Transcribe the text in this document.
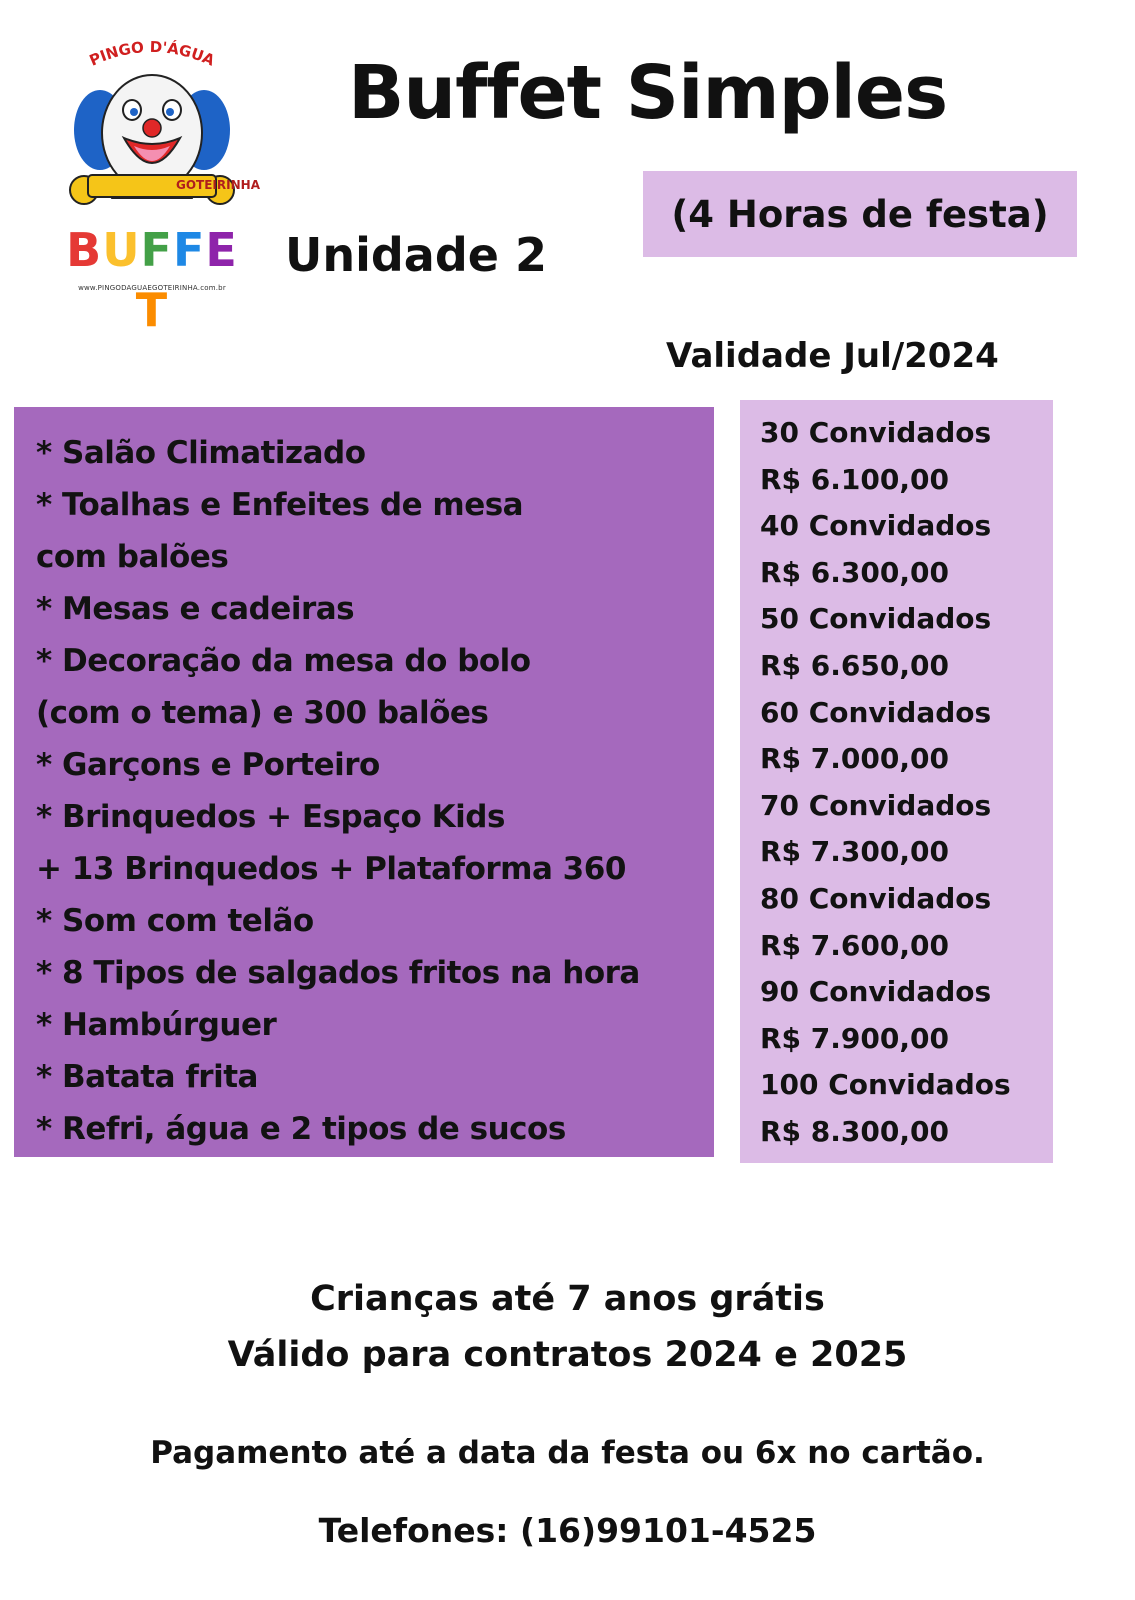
PINGO D'ÁGUA
GOTEIRINHA
BUFFET
www.PINGODAGUAEGOTEIRINHA.com.br
Buffet Simples
(4 Horas de festa)
Unidade 2
Validade Jul/2024
* Salão Climatizado
* Toalhas e Enfeites de mesa
com balões
* Mesas e cadeiras
* Decoração da mesa do bolo
(com o tema) e 300 balões
* Garçons e Porteiro
* Brinquedos + Espaço Kids
+ 13 Brinquedos + Plataforma 360
* Som com telão
* 8 Tipos de salgados fritos na hora
* Hambúrguer
* Batata frita
* Refri, água e 2 tipos de sucos
30 Convidados
R$ 6.100,00
40 Convidados
R$ 6.300,00
50 Convidados
R$ 6.650,00
60 Convidados
R$ 7.000,00
70 Convidados
R$ 7.300,00
80 Convidados
R$ 7.600,00
90 Convidados
R$ 7.900,00
100 Convidados
R$ 8.300,00
Crianças até 7 anos grátis
Válido para contratos 2024 e 2025
Pagamento até a data da festa ou 6x no cartão.
Telefones: (16)99101-4525
